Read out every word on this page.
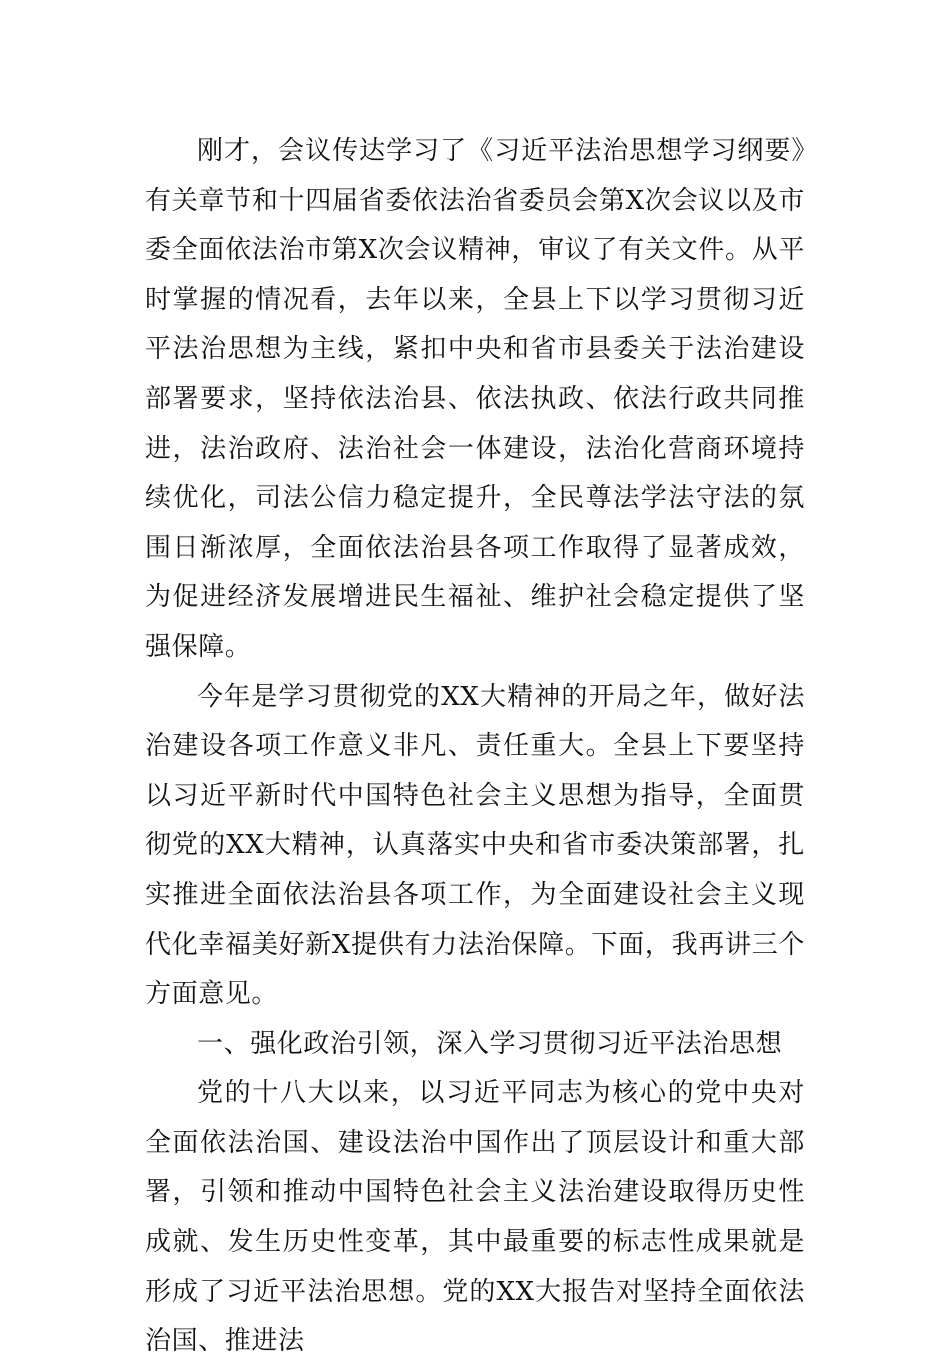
刚才，会议传达学习了《习近平法治思想学习纲要》有关章节和十四届省委依法治省委员会第X次会议以及市委全面依法治市第X次会议精神，审议了有关文件。从平时掌握的情况看，去年以来，全县上下以学习贯彻习近平法治思想为主线，紧扣中央和省市县委关于法治建设部署要求，坚持依法治县、依法执政、依法行政共同推进，法治政府、法治社会一体建设，法治化营商环境持续优化，司法公信力稳定提升，全民尊法学法守法的氛围日渐浓厚，全面依法治县各项工作取得了显著成效，为促进经济发展增进民生福祉、维护社会稳定提供了坚强保障。

今年是学习贯彻党的XX大精神的开局之年，做好法治建设各项工作意义非凡、责任重大。全县上下要坚持以习近平新时代中国特色社会主义思想为指导，全面贯彻党的XX大精神，认真落实中央和省市委决策部署，扎实推进全面依法治县各项工作，为全面建设社会主义现代化幸福美好新X提供有力法治保障。下面，我再讲三个方面意见。

一、强化政治引领，深入学习贯彻习近平法治思想

党的十八大以来，以习近平同志为核心的党中央对全面依法治国、建设法治中国作出了顶层设计和重大部署，引领和推动中国特色社会主义法治建设取得历史性成就、发生历史性变革，其中最重要的标志性成果就是形成了习近平法治思想。党的XX大报告对坚持全面依法治国、推进法
